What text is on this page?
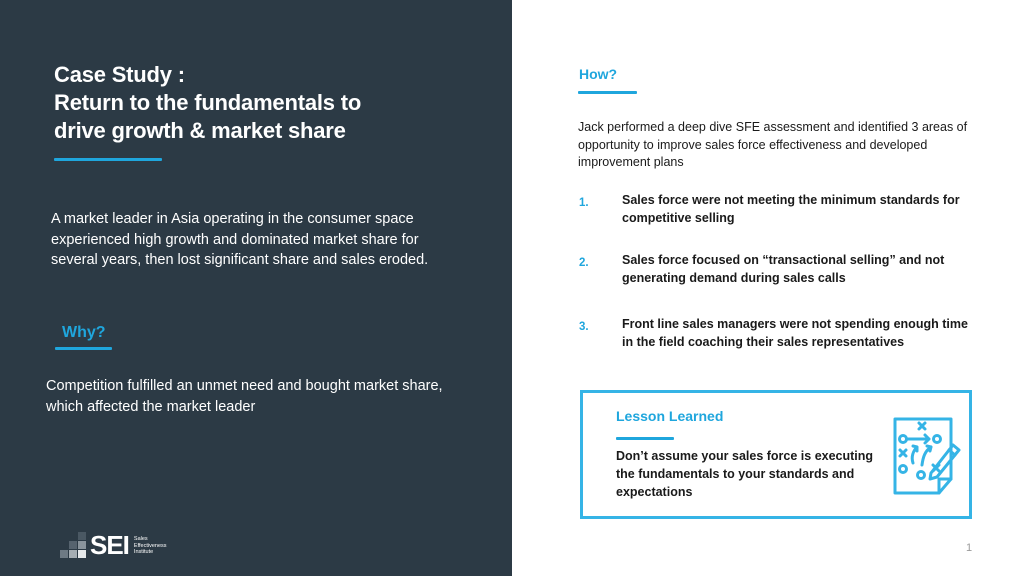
Case Study :
Return to the fundamentals to
drive growth & market share

A market leader in Asia operating in the consumer space experienced high growth and dominated market share for several years, then lost significant share and sales eroded.

Why?

Competition fulfilled an unmet need and bought market share, which affected the market leader

SEI Sales
Effectiveness
Institute
How?

Jack performed a deep dive SFE assessment and identified 3 areas of opportunity to improve sales force effectiveness and developed improvement plans

1.	Sales force were not meeting the minimum standards for competitive selling
2.	Sales force focused on “transactional selling” and not generating demand during sales calls
3.	Front line sales managers were not spending enough time in the field coaching their sales representatives
Lesson Learned

Don’t assume your sales force is executing the fundamentals to your standards and expectations

1
